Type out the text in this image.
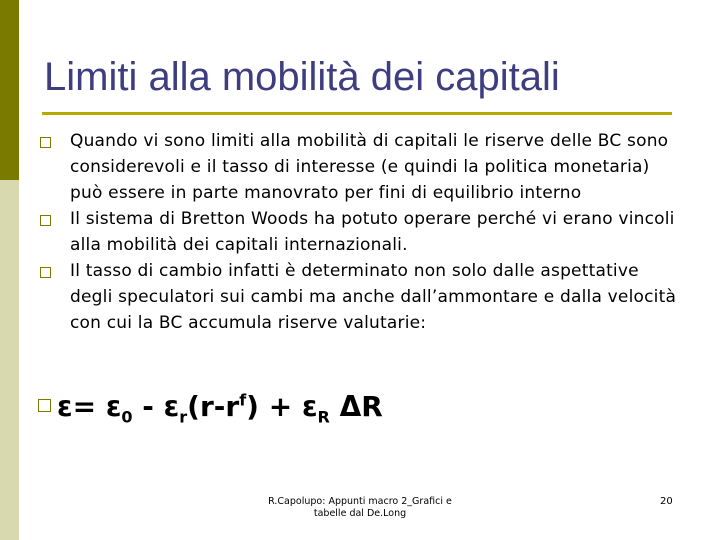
Limiti alla mobilità dei capitali
Quando vi sono limiti alla mobilità di capitali le riserve delle BC sono considerevoli e il tasso di interesse (e quindi la politica monetaria) può essere in parte manovrato per fini di equilibrio interno
Il sistema di Bretton Woods ha potuto operare perché vi erano vincoli alla mobilità dei capitali internazionali.
Il tasso di cambio infatti è determinato non solo dalle aspettative degli speculatori sui cambi ma anche dall’ammontare e dalla velocità con cui la BC accumula riserve valutarie:
$\varepsilon= \varepsilon_0 - \varepsilon_r(r-r^f) + \varepsilon_R$ ΔR
R.Capolupo: Appunti macro 2_Grafici e tabelle dal De.Long
20
